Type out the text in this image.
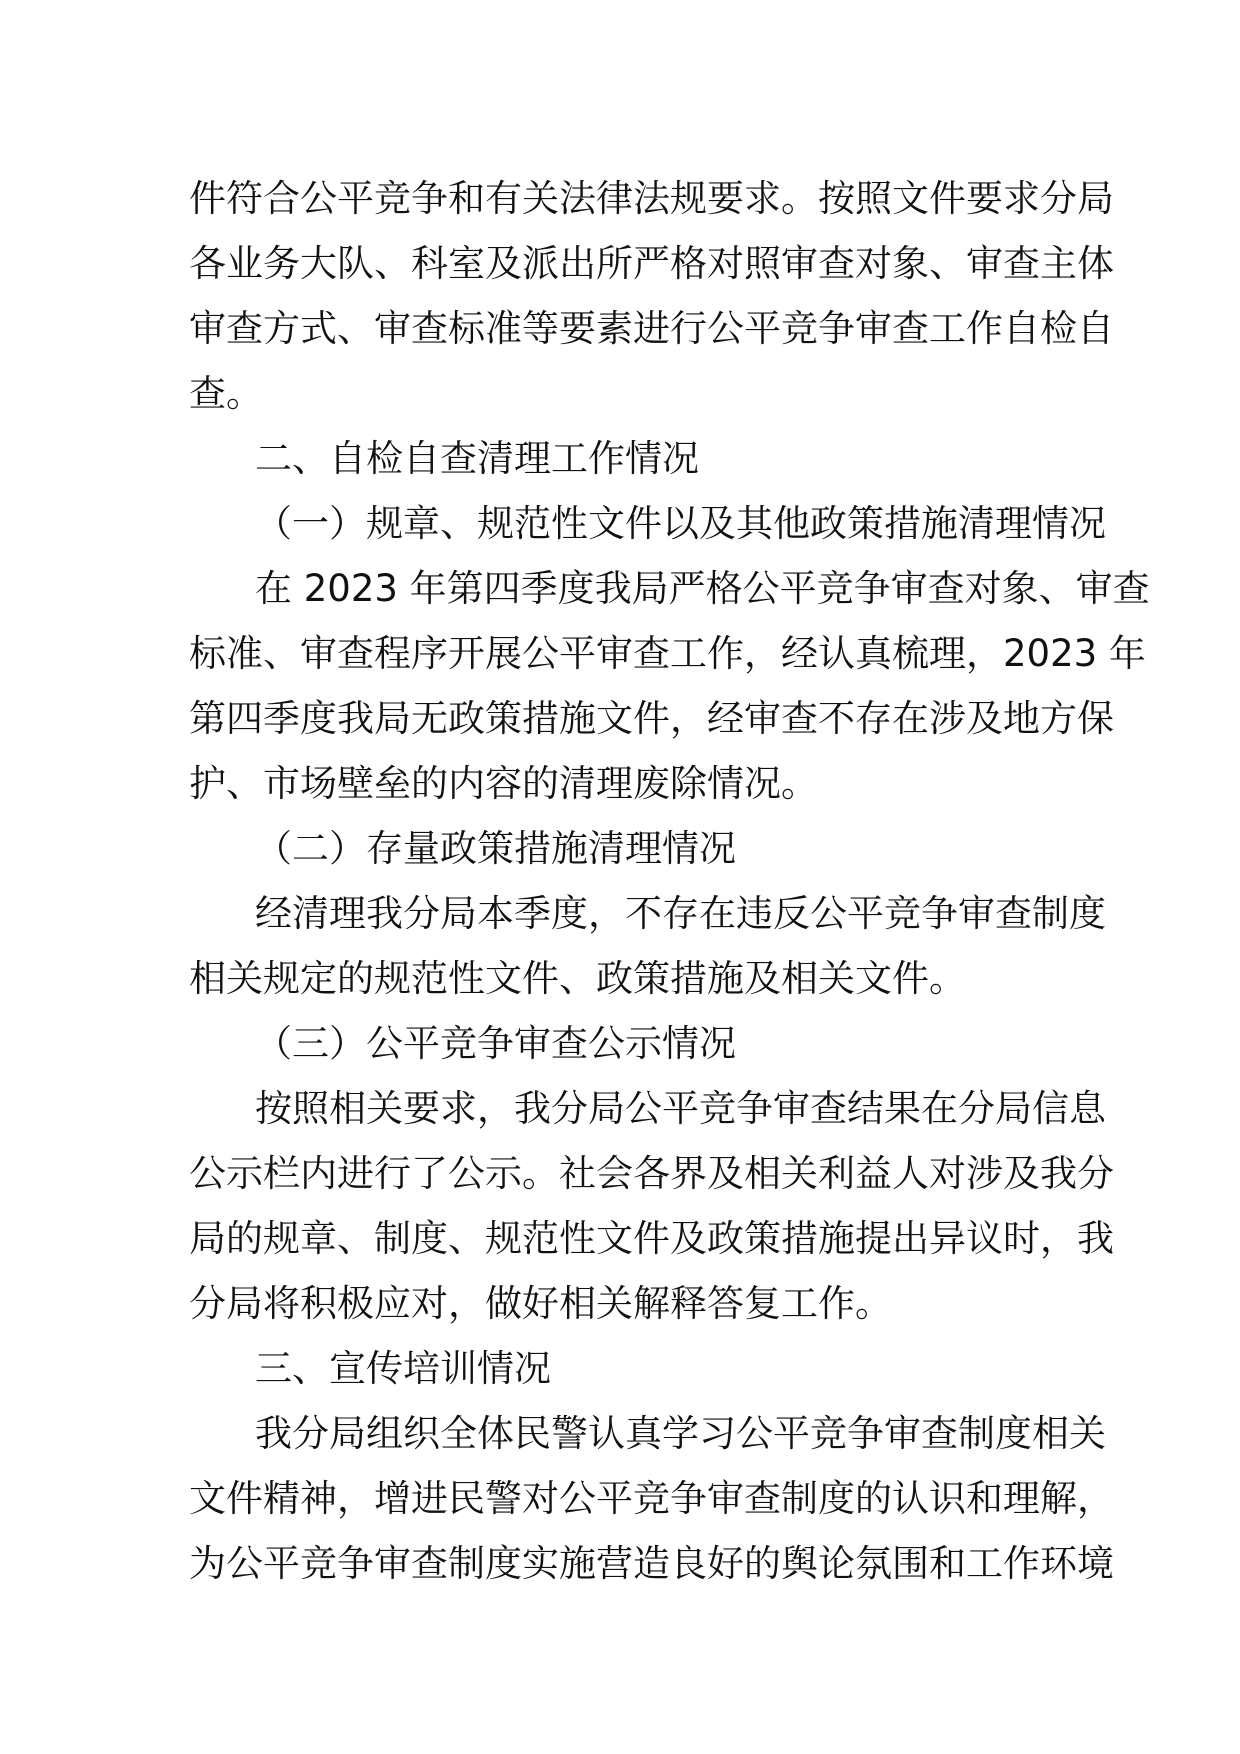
件符合公平竞争和有关法律法规要求。按照文件要求分局
各业务大队、科室及派出所严格对照审查对象、审查主体
审查方式、审查标准等要素进行公平竞争审查工作自检自
查。
二、自检自查清理工作情况
（一）规章、规范性文件以及其他政策措施清理情况
在 2023 年第四季度我局严格公平竞争审查对象、审查
标准、审查程序开展公平审查工作，经认真梳理，2023 年
第四季度我局无政策措施文件，经审查不存在涉及地方保
护、市场壁垒的内容的清理废除情况。
（二）存量政策措施清理情况
经清理我分局本季度，不存在违反公平竞争审查制度
相关规定的规范性文件、政策措施及相关文件。
（三）公平竞争审查公示情况
按照相关要求，我分局公平竞争审查结果在分局信息
公示栏内进行了公示。社会各界及相关利益人对涉及我分
局的规章、制度、规范性文件及政策措施提出异议时，我
分局将积极应对，做好相关解释答复工作。
三、宣传培训情况
我分局组织全体民警认真学习公平竞争审查制度相关
文件精神，增进民警对公平竞争审查制度的认识和理解，
为公平竞争审查制度实施营造良好的舆论氛围和工作环境
